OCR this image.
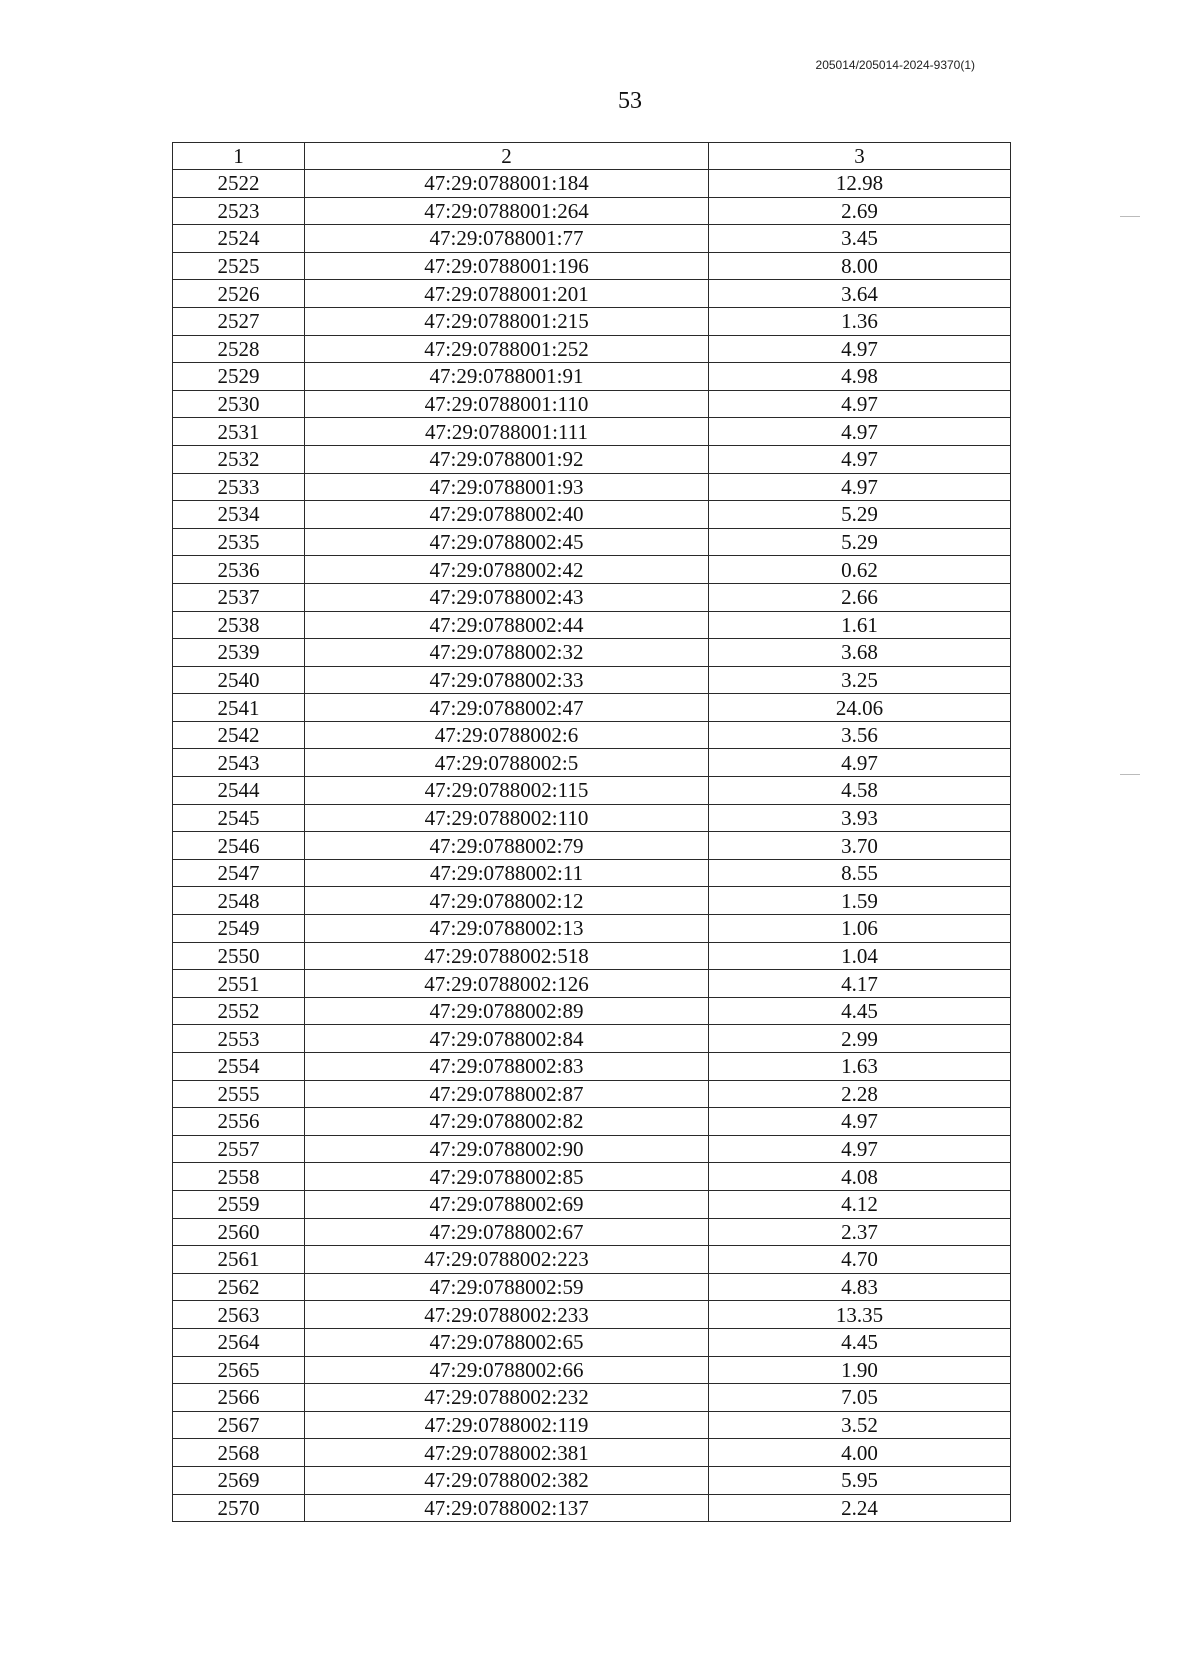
205014/205014-2024-9370(1)
53
1	2	3
2522	47:29:0788001:184	12.98
2523	47:29:0788001:264	2.69
2524	47:29:0788001:77	3.45
2525	47:29:0788001:196	8.00
2526	47:29:0788001:201	3.64
2527	47:29:0788001:215	1.36
2528	47:29:0788001:252	4.97
2529	47:29:0788001:91	4.98
2530	47:29:0788001:110	4.97
2531	47:29:0788001:111	4.97
2532	47:29:0788001:92	4.97
2533	47:29:0788001:93	4.97
2534	47:29:0788002:40	5.29
2535	47:29:0788002:45	5.29
2536	47:29:0788002:42	0.62
2537	47:29:0788002:43	2.66
2538	47:29:0788002:44	1.61
2539	47:29:0788002:32	3.68
2540	47:29:0788002:33	3.25
2541	47:29:0788002:47	24.06
2542	47:29:0788002:6	3.56
2543	47:29:0788002:5	4.97
2544	47:29:0788002:115	4.58
2545	47:29:0788002:110	3.93
2546	47:29:0788002:79	3.70
2547	47:29:0788002:11	8.55
2548	47:29:0788002:12	1.59
2549	47:29:0788002:13	1.06
2550	47:29:0788002:518	1.04
2551	47:29:0788002:126	4.17
2552	47:29:0788002:89	4.45
2553	47:29:0788002:84	2.99
2554	47:29:0788002:83	1.63
2555	47:29:0788002:87	2.28
2556	47:29:0788002:82	4.97
2557	47:29:0788002:90	4.97
2558	47:29:0788002:85	4.08
2559	47:29:0788002:69	4.12
2560	47:29:0788002:67	2.37
2561	47:29:0788002:223	4.70
2562	47:29:0788002:59	4.83
2563	47:29:0788002:233	13.35
2564	47:29:0788002:65	4.45
2565	47:29:0788002:66	1.90
2566	47:29:0788002:232	7.05
2567	47:29:0788002:119	3.52
2568	47:29:0788002:381	4.00
2569	47:29:0788002:382	5.95
2570	47:29:0788002:137	2.24
